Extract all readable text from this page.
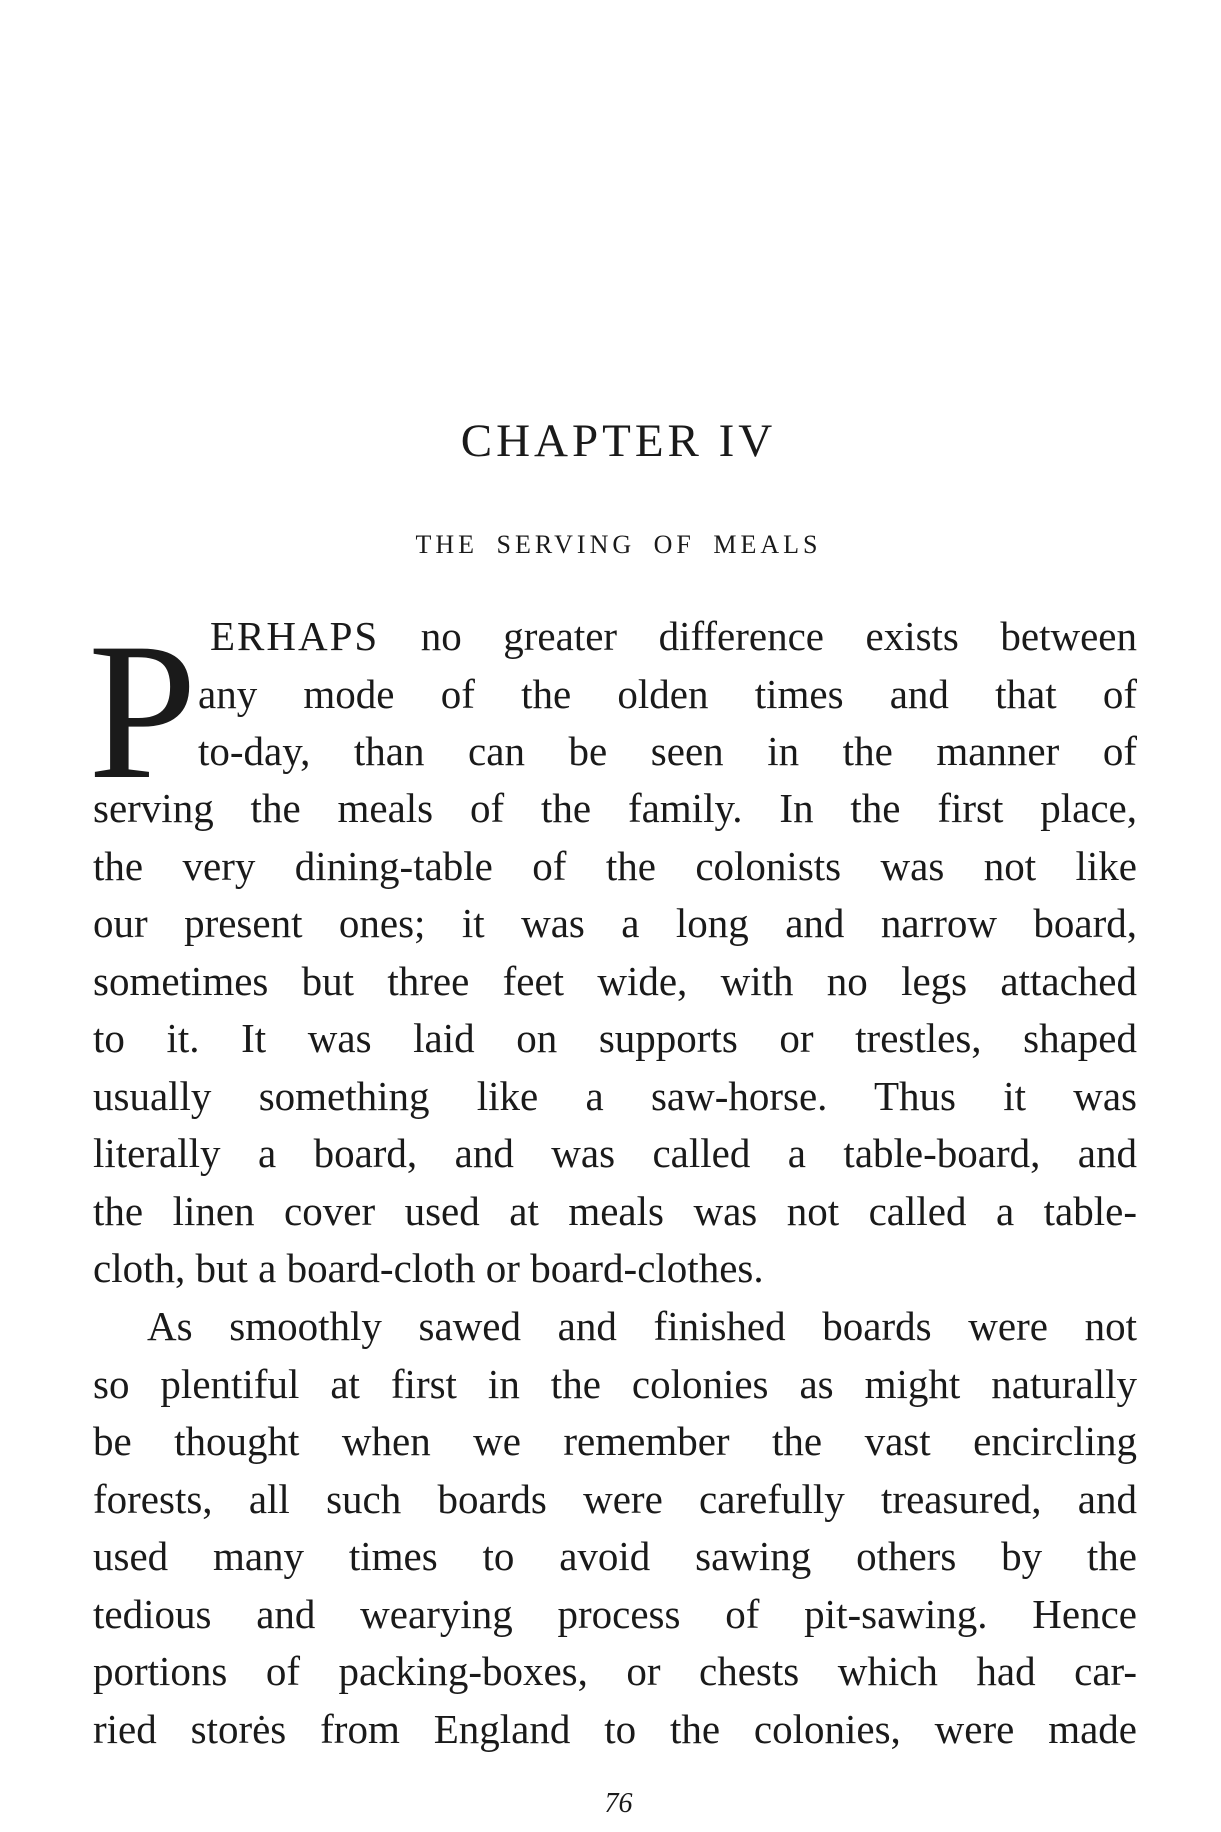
CHAPTER IV
THE SERVING OF MEALS
P ERHAPS no greater difference exists between
any mode of the olden times and that of
to-day, than can be seen in the manner of
serving the meals of the family. In the first place,
the very dining-table of the colonists was not like
our present ones; it was a long and narrow board,
sometimes but three feet wide, with no legs attached
to it. It was laid on supports or trestles, shaped
usually something like a saw-horse. Thus it was
literally a board, and was called a table-board, and
the linen cover used at meals was not called a table-
cloth, but a board-cloth or board-clothes.
As smoothly sawed and finished boards were not
so plentiful at first in the colonies as might naturally
be thought when we remember the vast encircling
forests, all such boards were carefully treasured, and
used many times to avoid sawing others by the
tedious and wearying process of pit-sawing. Hence
portions of packing-boxes, or chests which had car-
ried storės from England to the colonies, were made
76
